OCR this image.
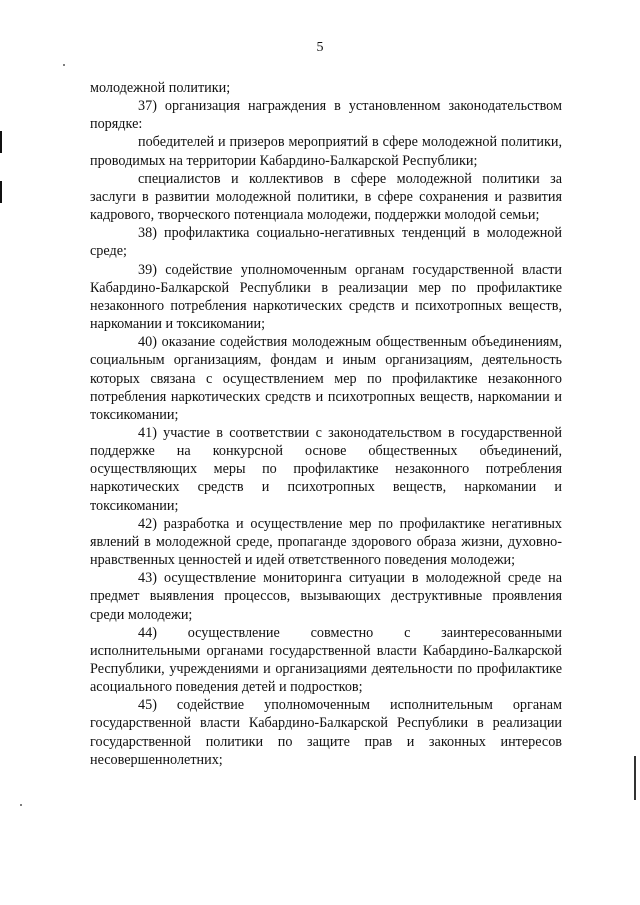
5

молодежной политики;

37) организация награждения в установленном законодательством порядке:

победителей и призеров мероприятий в сфере молодежной политики, проводимых на территории Кабардино-Балкарской Республики;

специалистов и коллективов в сфере молодежной политики за заслуги в развитии молодежной политики, в сфере сохранения и развития кадрового, творческого потенциала молодежи, поддержки молодой семьи;

38) профилактика социально-негативных тенденций в молодежной среде;

39) содействие уполномоченным органам государственной власти Кабардино-Балкарской Республики в реализации мер по профилактике незаконного потребления наркотических средств и психотропных веществ, наркомании и токсикомании;

40) оказание содействия молодежным общественным объединениям, социальным организациям, фондам и иным организациям, деятельность которых связана с осуществлением мер по профилактике незаконного потребления наркотических средств и психотропных веществ, наркомании и токсикомании;

41) участие в соответствии с законодательством в государственной поддержке на конкурсной основе общественных объединений, осуществляющих меры по профилактике незаконного потребления наркотических средств и психотропных веществ, наркомании и токсикомании;

42) разработка и осуществление мер по профилактике негативных явлений в молодежной среде, пропаганде здорового образа жизни, духовно-нравственных ценностей и идей ответственного поведения молодежи;

43) осуществление мониторинга ситуации в молодежной среде на предмет выявления процессов, вызывающих деструктивные проявления среди молодежи;

44) осуществление совместно с заинтересованными исполнительными органами государственной власти Кабардино-Балкарской Республики, учреждениями и организациями деятельности по профилактике асоциального поведения детей и подростков;

45) содействие уполномоченным исполнительным органам государственной власти Кабардино-Балкарской Республики в реализации государственной политики по защите прав и законных интересов несовершеннолетних;
